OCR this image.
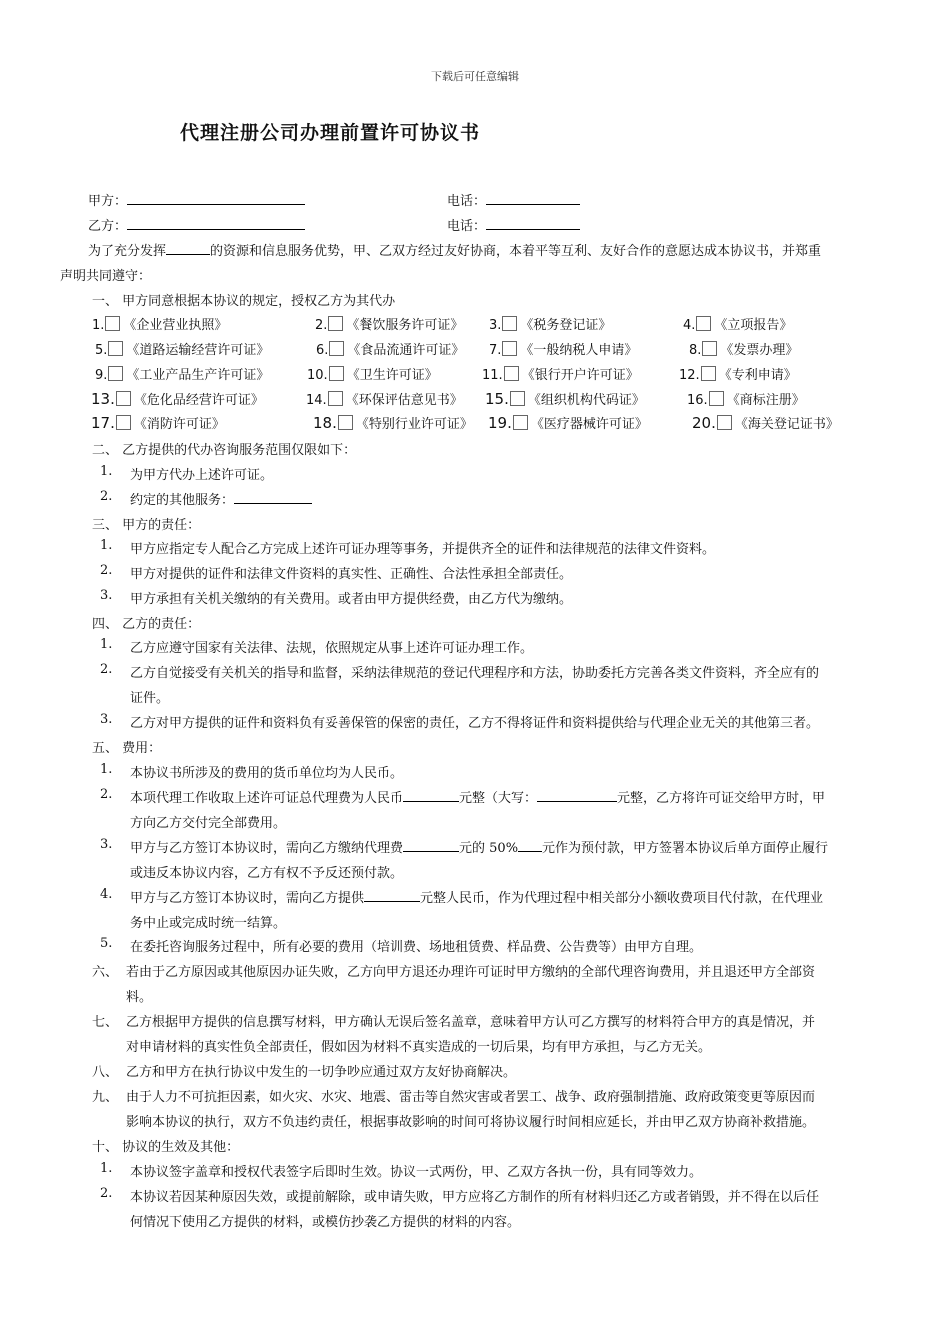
下载后可任意编辑
代理注册公司办理前置许可协议书
甲方：	电话：
乙方：	电话：
为了充分发挥	的资源和信息服务优势，甲、乙双方经过友好协商，本着平等互利、友好合作的意愿达成本协议书，并郑重
声明共同遵守：
一、 甲方同意根据本协议的规定，授权乙方为其代办
1. 《企业营业执照》	2. 《餐饮服务许可证》 3. 《税务登记证》	4. 《立项报告》
5. 《道路运输经营许可证》	6. 《食品流通许可证》 7. 《一般纳税人申请》	8. 《发票办理》
9. 《工业产品生产许可证》	10. 《卫生许可证》	11. 《银行开户许可证》	12. 《专利申请》
13. 《危化品经营许可证》	14. 《环保评估意见书》 15. 《组织机构代码证》	16. 《商标注册》
17. 《消防许可证》	18. 《特别行业许可证》 19. 《医疗器械许可证》	20. 《海关登记证书》
二、 乙方提供的代办咨询服务范围仅限如下：
1. 为甲方代办上述许可证。
2. 约定的其他服务：
三、 甲方的责任：
1. 甲方应指定专人配合乙方完成上述许可证办理等事务，并提供齐全的证件和法律规范的法律文件资料。
2. 甲方对提供的证件和法律文件资料的真实性、正确性、合法性承担全部责任。
3. 甲方承担有关机关缴纳的有关费用。或者由甲方提供经费，由乙方代为缴纳。
四、 乙方的责任：
1. 乙方应遵守国家有关法律、法规，依照规定从事上述许可证办理工作。
2. 乙方自觉接受有关机关的指导和监督，采纳法律规范的登记代理程序和方法，协助委托方完善各类文件资料，齐全应有的
证件。
3. 乙方对甲方提供的证件和资料负有妥善保管的保密的责任，乙方不得将证件和资料提供给与代理企业无关的其他第三者。
五、 费用：
1. 本协议书所涉及的费用的货币单位均为人民币。
2. 本项代理工作收取上述许可证总代理费为人民币	元整（大写：	元整，乙方将许可证交给甲方时，甲
方向乙方交付完全部费用。
3. 甲方与乙方签订本协议时，需向乙方缴纳代理费	元的 50% 元作为预付款，甲方签署本协议后单方面停止履行
或违反本协议内容，乙方有权不予反还预付款。
4. 甲方与乙方签订本协议时，需向乙方提供	元整人民币，作为代理过程中相关部分小额收费项目代付款，在代理业
务中止或完成时统一结算。
5. 在委托咨询服务过程中，所有必要的费用（培训费、场地租赁费、样品费、公告费等）由甲方自理。
六、 若由于乙方原因或其他原因办证失败，乙方向甲方退还办理许可证时甲方缴纳的全部代理咨询费用，并且退还甲方全部资
料。
七、 乙方根据甲方提供的信息撰写材料，甲方确认无误后签名盖章，意味着甲方认可乙方撰写的材料符合甲方的真是情况，并
对申请材料的真实性负全部责任，假如因为材料不真实造成的一切后果，均有甲方承担，与乙方无关。
八、 乙方和甲方在执行协议中发生的一切争吵应通过双方友好协商解决。
九、 由于人力不可抗拒因素，如火灾、水灾、地震、雷击等自然灾害或者罢工、战争、政府强制措施、政府政策变更等原因而
影响本协议的执行，双方不负违约责任，根据事故影响的时间可将协议履行时间相应延长，并由甲乙双方协商补救措施。
十、 协议的生效及其他：
1. 本协议签字盖章和授权代表签字后即时生效。协议一式两份，甲、乙双方各执一份，具有同等效力。
2. 本协议若因某种原因失效，或提前解除，或申请失败，甲方应将乙方制作的所有材料归还乙方或者销毁，并不得在以后任
何情况下使用乙方提供的材料，或模仿抄袭乙方提供的材料的内容。
